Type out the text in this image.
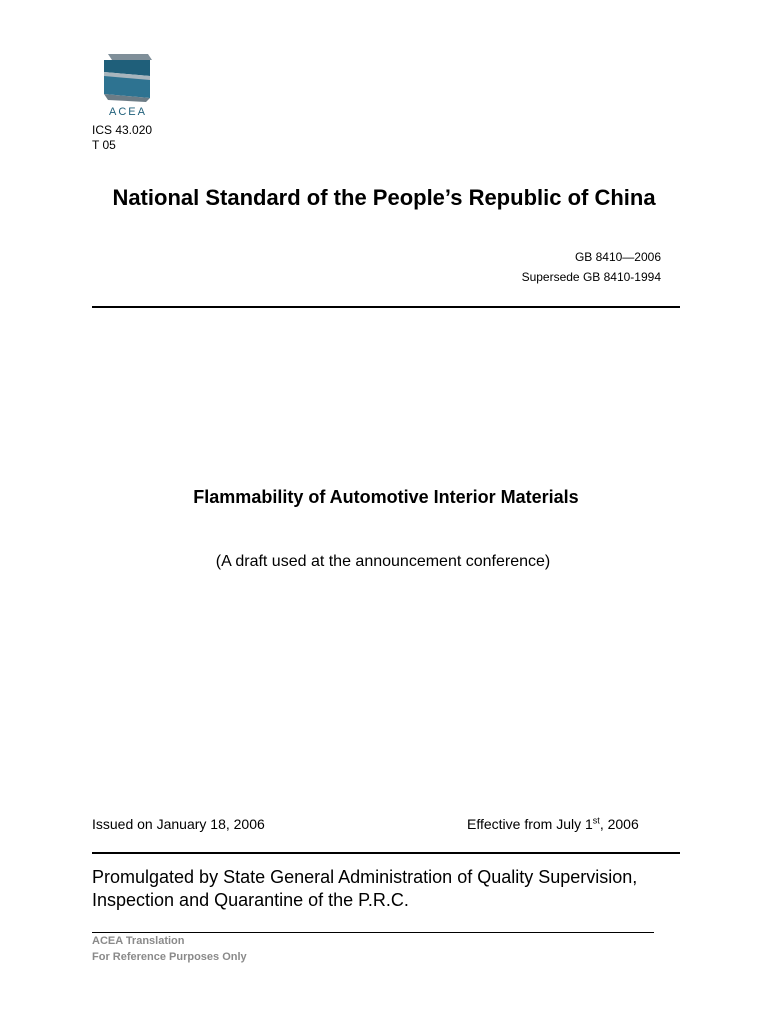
ACEA
ICS 43.020
T 05
National Standard of the People’s Republic of China
GB 8410—2006
Supersede GB 8410-1994
Flammability of Automotive Interior Materials
(A draft used at the announcement conference)
Issued on January 18, 2006	Effective from July 1st, 2006
Promulgated by State General Administration of Quality Supervision,
Inspection and Quarantine of the P.R.C.
ACEA Translation
For Reference Purposes Only
